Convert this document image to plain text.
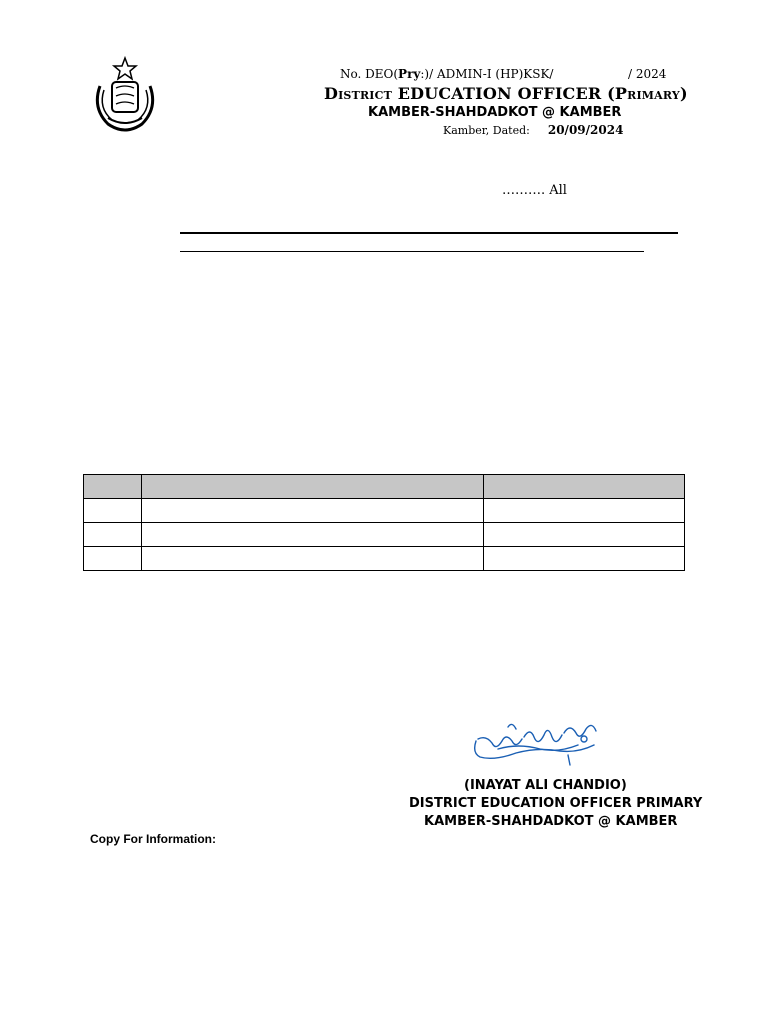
No. DEO(Pry:)/ ADMIN-I (HP)KSK/	/ 2024
District EDUCATION OFFICER (Primary)
KAMBER-SHAHDADKOT @ KAMBER
Kamber, Dated: 20/09/2024
………. All

(INAYAT ALI CHANDIO)
DISTRICT EDUCATION OFFICER PRIMARY
KAMBER-SHAHDADKOT @ KAMBER
Copy For Information:
